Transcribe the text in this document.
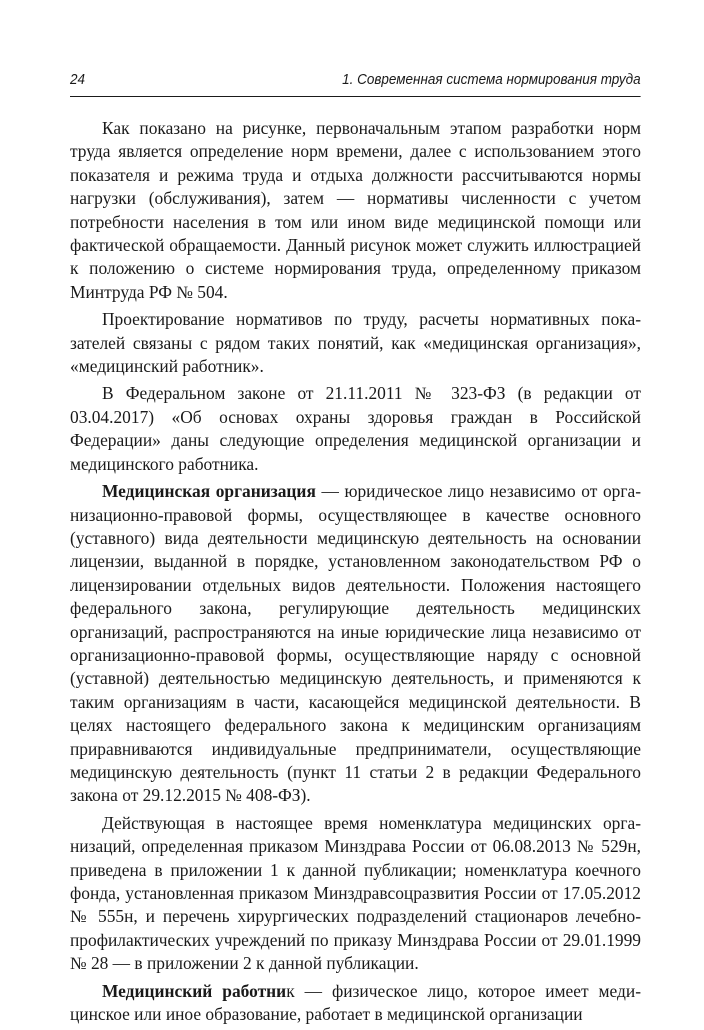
24	1. Современная система нормирования труда

Как показано на рисунке, первоначальным этапом разработки норм труда является определение норм времени, далее с использованием этого показателя и режима труда и отдыха должности рассчитываются нормы нагрузки (обслуживания), затем — нормативы численности с учетом потребности населения в том или ином виде медицинской помощи или фактической обращаемости. Данный рисунок может служить иллюстрацией к положению о системе нормирования труда, определенному приказом Минтруда РФ № 504.

Проектирование нормативов по труду, расчеты нормативных показателей связаны с рядом таких понятий, как «медицинская организация», «медицинский работник».

В Федеральном законе от 21.11.2011 № 323-ФЗ (в редакции от 03.04.2017) «Об основах охраны здоровья граждан в Российской Федерации» даны следующие определения медицинской организации и медицинского работника.

Медицинская организация — юридическое лицо независимо от организационно-правовой формы, осуществляющее в качестве основного (уставного) вида деятельности медицинскую деятельность на основании лицензии, выданной в порядке, установленном законодательством РФ о лицензировании отдельных видов деятельности. Положения настоящего федерального закона, регулирующие деятельность медицинских организаций, распространяются на иные юридические лица независимо от организационно-правовой формы, осуществляющие наряду с основной (уставной) деятельностью медицинскую деятельность, и применяются к таким организациям в части, касающейся медицинской деятельности. В целях настоящего федерального закона к медицинским организациям приравниваются индивидуальные предприниматели, осуществляющие медицинскую деятельность (пункт 11 статьи 2 в редакции Федерального закона от 29.12.2015 № 408-ФЗ).

Действующая в настоящее время номенклатура медицинских организаций, определенная приказом Минздрава России от 06.08.2013 № 529н, приведена в приложении 1 к данной публикации; номенклатура коечного фонда, установленная приказом Минздравсоцразвития России от 17.05.2012 № 555н, и перечень хирургических подразделений стационаров лечебно-профилактических учреждений по приказу Минздрава России от 29.01.1999 № 28 — в приложении 2 к данной публикации.

Медицинский работник — физическое лицо, которое имеет медицинское или иное образование, работает в медицинской организации
